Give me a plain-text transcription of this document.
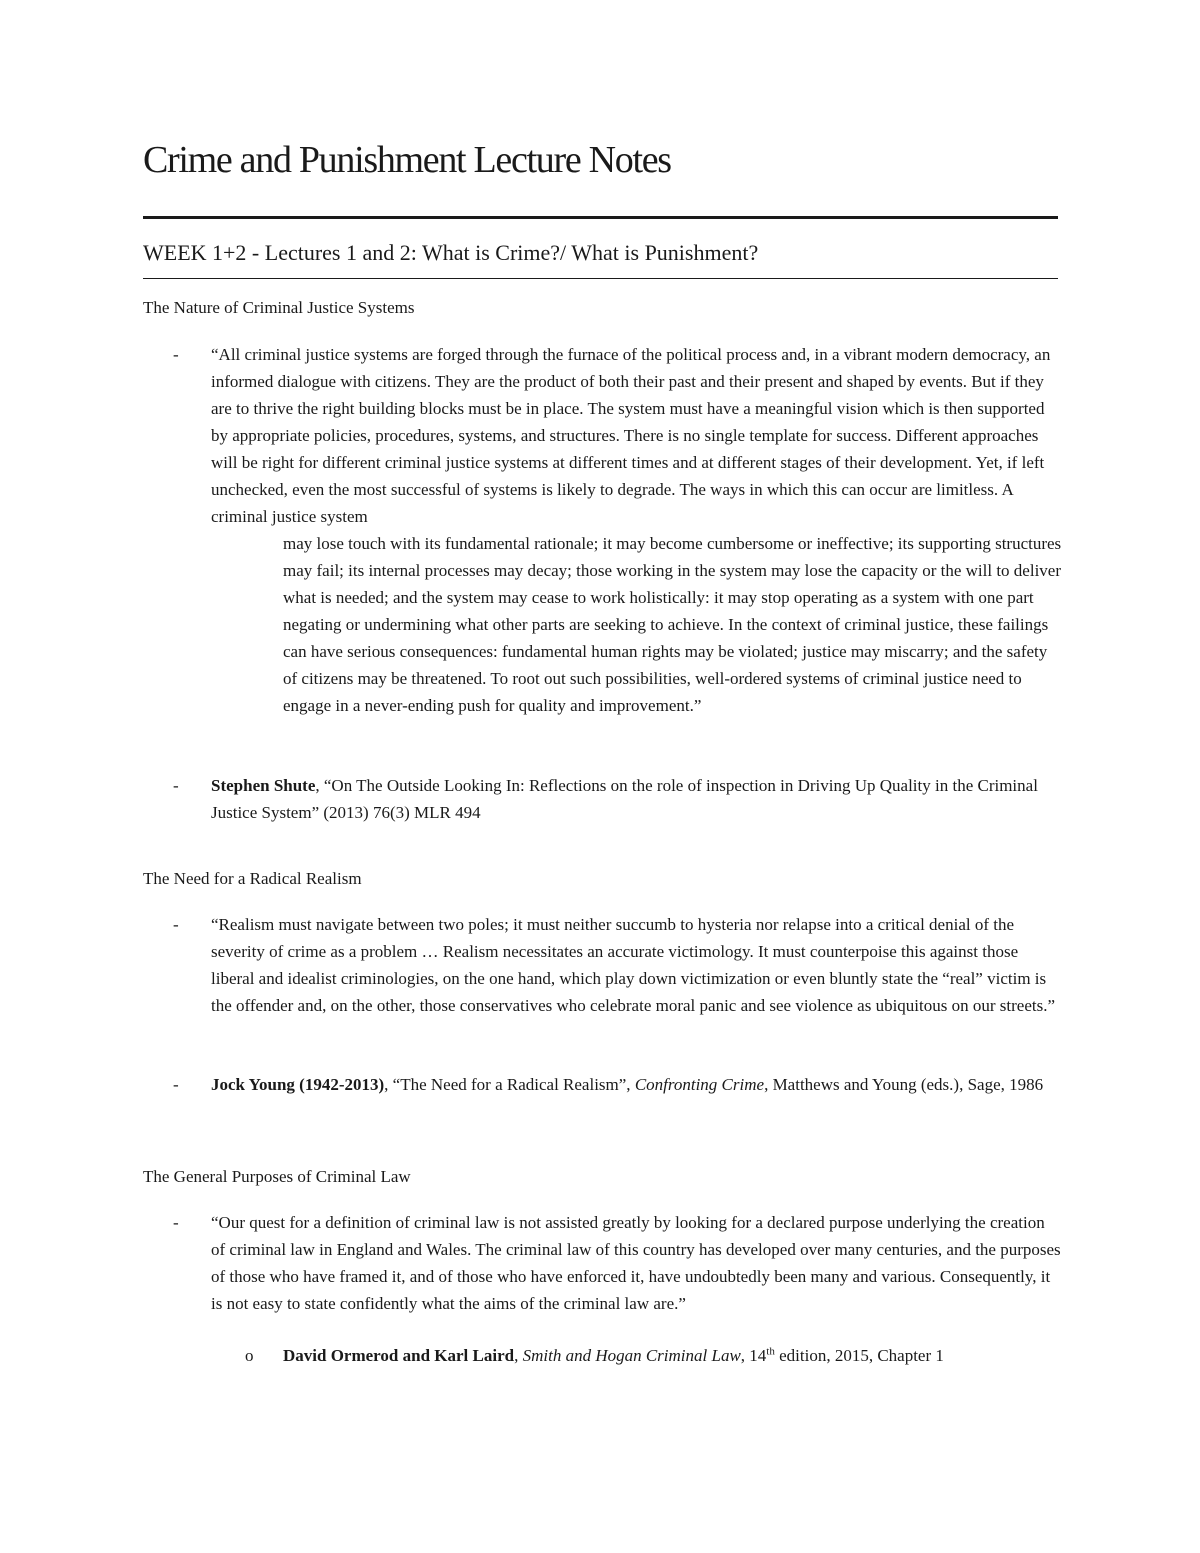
Crime and Punishment Lecture Notes
WEEK 1+2 - Lectures 1 and 2: What is Crime?/ What is Punishment?
The Nature of Criminal Justice Systems
- “All criminal justice systems are forged through the furnace of the political process and, in a vibrant modern democracy, an informed dialogue with citizens. They are the product of both their past and their present and shaped by events. But if they are to thrive the right building blocks must be in place. The system must have a meaningful vision which is then supported by appropriate policies, procedures, systems, and structures. There is no single template for success. Different approaches will be right for different criminal justice systems at different times and at different stages of their development. Yet, if left unchecked, even the most successful of systems is likely to degrade. The ways in which this can occur are limitless. A criminal justice system
may lose touch with its fundamental rationale; it may become cumbersome or ineffective; its supporting structures may fail; its internal processes may decay; those working in the system may lose the capacity or the will to deliver what is needed; and the system may cease to work holistically: it may stop operating as a system with one part negating or undermining what other parts are seeking to achieve. In the context of criminal justice, these failings can have serious consequences: fundamental human rights may be violated; justice may miscarry; and the safety of citizens may be threatened. To root out such possibilities, well-ordered systems of criminal justice need to engage in a never-ending push for quality and improvement.”
- Stephen Shute, “On The Outside Looking In: Reflections on the role of inspection in Driving Up Quality in the Criminal Justice System” (2013) 76(3) MLR 494
The Need for a Radical Realism
- “Realism must navigate between two poles; it must neither succumb to hysteria nor relapse into a critical denial of the severity of crime as a problem … Realism necessitates an accurate victimology. It must counterpoise this against those liberal and idealist criminologies, on the one hand, which play down victimization or even bluntly state the “real” victim is the offender and, on the other, those conservatives who celebrate moral panic and see violence as ubiquitous on our streets.”
- Jock Young (1942-2013), “The Need for a Radical Realism”, Confronting Crime, Matthews and Young (eds.), Sage, 1986
The General Purposes of Criminal Law
- “Our quest for a definition of criminal law is not assisted greatly by looking for a declared purpose underlying the creation of criminal law in England and Wales. The criminal law of this country has developed over many centuries, and the purposes of those who have framed it, and of those who have enforced it, have undoubtedly been many and various. Consequently, it is not easy to state confidently what the aims of the criminal law are.”
o David Ormerod and Karl Laird, Smith and Hogan Criminal Law, 14th edition, 2015, Chapter 1
